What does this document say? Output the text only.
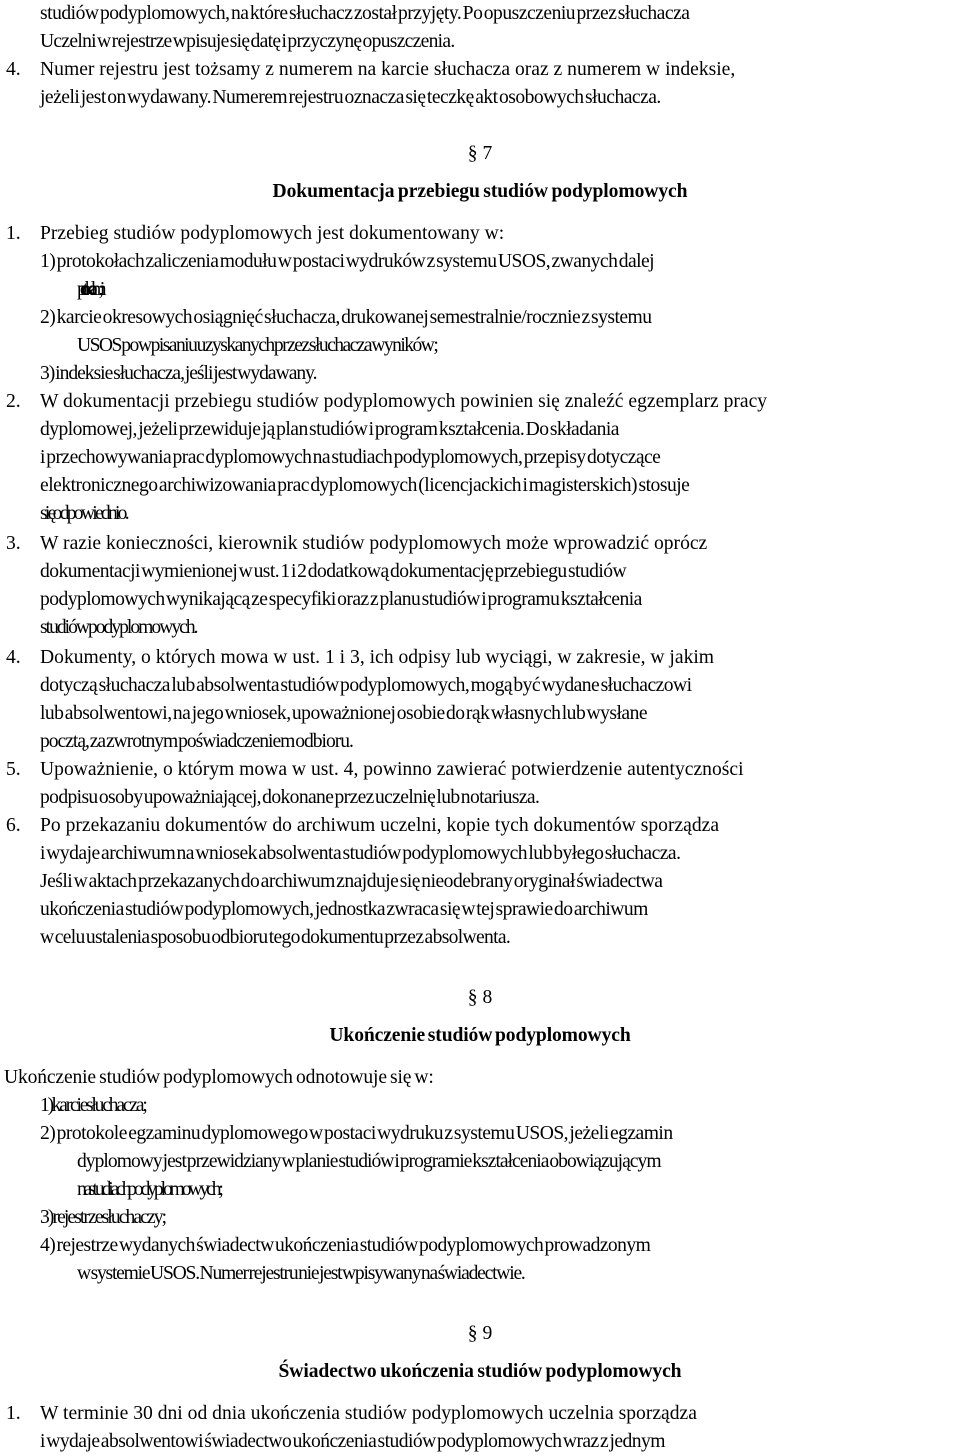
studiów podyplomowych, na które słuchacz został przyjęty. Po opuszczeniu przez słuchacza
Uczelni w rejestrze wpisuje się datę i przyczynę opuszczenia.
4. Numer rejestru jest tożsamy z numerem na karcie słuchacza oraz z numerem w indeksie,
jeżeli jest on wydawany. Numerem rejestru oznacza się teczkę akt osobowych słuchacza.
§ 7
Dokumentacja przebiegu studiów podyplomowych
1. Przebieg studiów podyplomowych jest dokumentowany w:
1) protokołach zaliczenia modułu w postaci wydruków z systemu USOS, zwanych dalej
protokołami;
2) karcie okresowych osiągnięć słuchacza, drukowanej semestralnie/rocznie z systemu
USOS po wpisaniu uzyskanych przez słuchacza wyników;
3) indeksie słuchacza, jeśli jest wydawany.
2. W dokumentacji przebiegu studiów podyplomowych powinien się znaleźć egzemplarz pracy
dyplomowej, jeżeli przewiduje ją plan studiów i program kształcenia. Do składania
i przechowywania prac dyplomowych na studiach podyplomowych, przepisy dotyczące
elektronicznego archiwizowania prac dyplomowych (licencjackich i magisterskich) stosuje
się odpowiednio.
3. W razie konieczności, kierownik studiów podyplomowych może wprowadzić oprócz
dokumentacji wymienionej w ust. 1 i 2 dodatkową dokumentację przebiegu studiów
podyplomowych wynikającą ze specyfiki oraz z planu studiów i programu kształcenia
studiów podyplomowych.
4. Dokumenty, o których mowa w ust. 1 i 3, ich odpisy lub wyciągi, w zakresie, w jakim
dotyczą słuchacza lub absolwenta studiów podyplomowych, mogą być wydane słuchaczowi
lub absolwentowi, na jego wniosek, upoważnionej osobie do rąk własnych lub wysłane
pocztą, za zwrotnym poświadczeniem odbioru.
5. Upoważnienie, o którym mowa w ust. 4, powinno zawierać potwierdzenie autentyczności
podpisu osoby upoważniającej, dokonane przez uczelnię lub notariusza.
6. Po przekazaniu dokumentów do archiwum uczelni, kopie tych dokumentów sporządza
i wydaje archiwum na wniosek absolwenta studiów podyplomowych lub byłego słuchacza.
Jeśli w aktach przekazanych do archiwum znajduje się nieodebrany oryginał świadectwa
ukończenia studiów podyplomowych, jednostka zwraca się w tej sprawie do archiwum
w celu ustalenia sposobu odbioru tego dokumentu przez absolwenta.
§ 8
Ukończenie studiów podyplomowych
Ukończenie studiów podyplomowych odnotowuje się w:
1) karcie słuchacza;
2) protokole egzaminu dyplomowego w postaci wydruku z systemu USOS, jeżeli egzamin
dyplomowy jest przewidziany w planie studiów i programie kształcenia obowiązującym
na studiach podyplomowych;
3) rejestrze słuchaczy;
4) rejestrze wydanych świadectw ukończenia studiów podyplomowych prowadzonym
w systemie USOS. Numer rejestru nie jest wpisywany na świadectwie.
§ 9
Świadectwo ukończenia studiów podyplomowych
1. W terminie 30 dni od dnia ukończenia studiów podyplomowych uczelnia sporządza
i wydaje absolwentowi świadectwo ukończenia studiów podyplomowych wraz z jednym
